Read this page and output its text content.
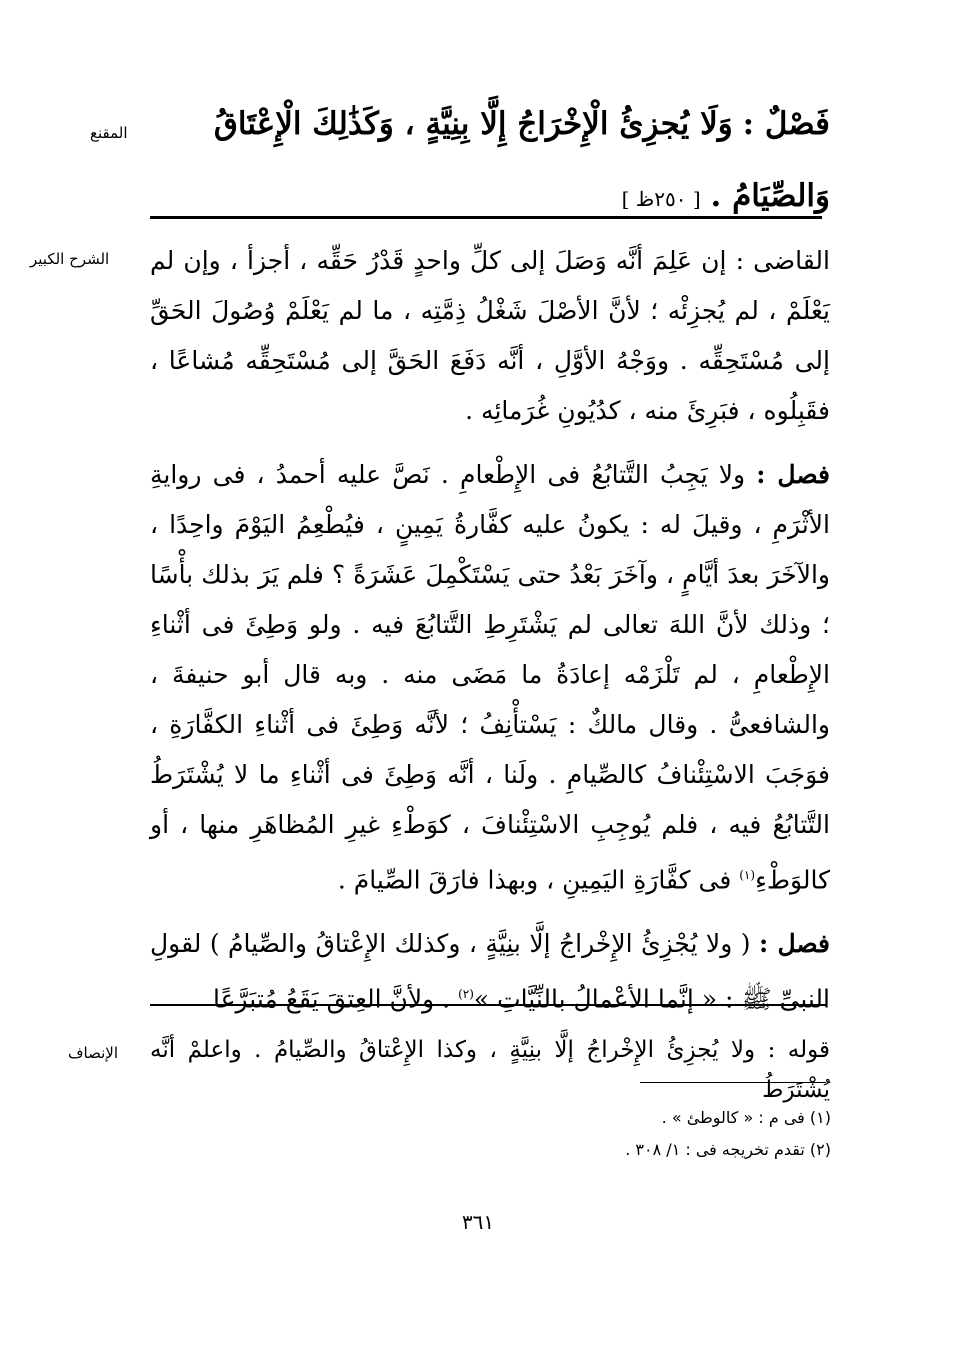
المقنع
الشرح الكبير
الإنصاف
فَصْلٌ : وَلَا يُجزِئُ الْإِخْرَاجُ إِلَّا بِنِيَّةٍ ، وَكَذَٰلِكَ الْإِعْتَاقُ
وَالصِّيَامُ . [ ٢٥٠ظ ]

القاضى : إن عَلِمَ أنَّه وَصَلَ إلى كلِّ واحدٍ قَدْرُ حَقِّه ، أجزأ ، وإن لم يَعْلَمْ ، لم يُجزِئْه ؛ لأنَّ الأصْلَ شَغْلُ ذِمَّتِه ، ما لم يَعْلَمْ وُصُولَ الحَقِّ إلى مُسْتَحِقِّه . ووَجْهُ الأوَّلِ ، أنَّه دَفَعَ الحَقَّ إلى مُسْتَحِقِّه مُشاعًا ، فقَبِلُوه ، فبَرِئَ منه ، كدُيُونِ غُرَمائِه .

فصل : ولا يَجِبُ التَّتابُعُ فى الإِطْعامِ . نَصَّ عليه أحمدُ ، فى روايةِ الأثْرَمِ ، وقيلَ له : يكونُ عليه كفَّارةُ يَمِينٍ ، فيُطْعِمُ اليَوْمَ واحِدًا ، والآخَرَ بعدَ أيَّامٍ ، وآخَرَ بَعْدُ حتى يَسْتَكْمِلَ عَشَرَةً ؟ فلم يَرَ بذلك بأْسًا ؛ وذلك لأنَّ اللهَ تعالى لم يَشْتَرِطِ التَّتابُعَ فيه . ولو وَطِئَ فى أثْناءِ الإِطْعامِ ، لم تَلْزَمْه إعادَةُ ما مَضَى منه . وبه قال أبو حنيفةَ ، والشافعىُّ . وقال مالكٌ : يَسْتأْنِفُ ؛ لأنَّه وَطِئَ فى أثْناءِ الكفَّارَةِ ، فوَجَبَ الاسْتِئْنافُ كالصِّيامِ . ولَنا ، أنَّه وَطِئَ فى أثْناءِ ما لا يُشْتَرَطُ التَّتابُعُ فيه ، فلم يُوجِبِ الاسْتِئْنافَ ، كوَطْءِ غيرِ المُظاهَرِ منها ، أو كالوَطْءِ$^{(١)}$ فى كفَّارَةِ اليَمِينِ ، وبهذا فارَقَ الصِّيامَ .

فصل : ( ولا يُجْزِئُ الإِخْراجُ إلَّا بنِيَّةٍ ، وكذلك الإِعْتاقُ والصِّيامُ ) لقولِ النبىِّ ﷺ : « إنَّما الأعْمالُ بالنِّيَّاتِ »$^{(٢)}$ . ولأنَّ العِتقَ يَقَعُ مُتبَرَّعًا

قوله : ولا يُجزِئُ الإِخْراجُ إلَّا بنِيَّةٍ ، وكذا الإِعْتاقُ والصِّيامُ . واعلمْ أنَّه يُشْتَرَطُ
(١) فى م : « كالوطئ » .
(٢) تقدم تخريجه فى : ١/ ٣٠٨ .
٣٦١
